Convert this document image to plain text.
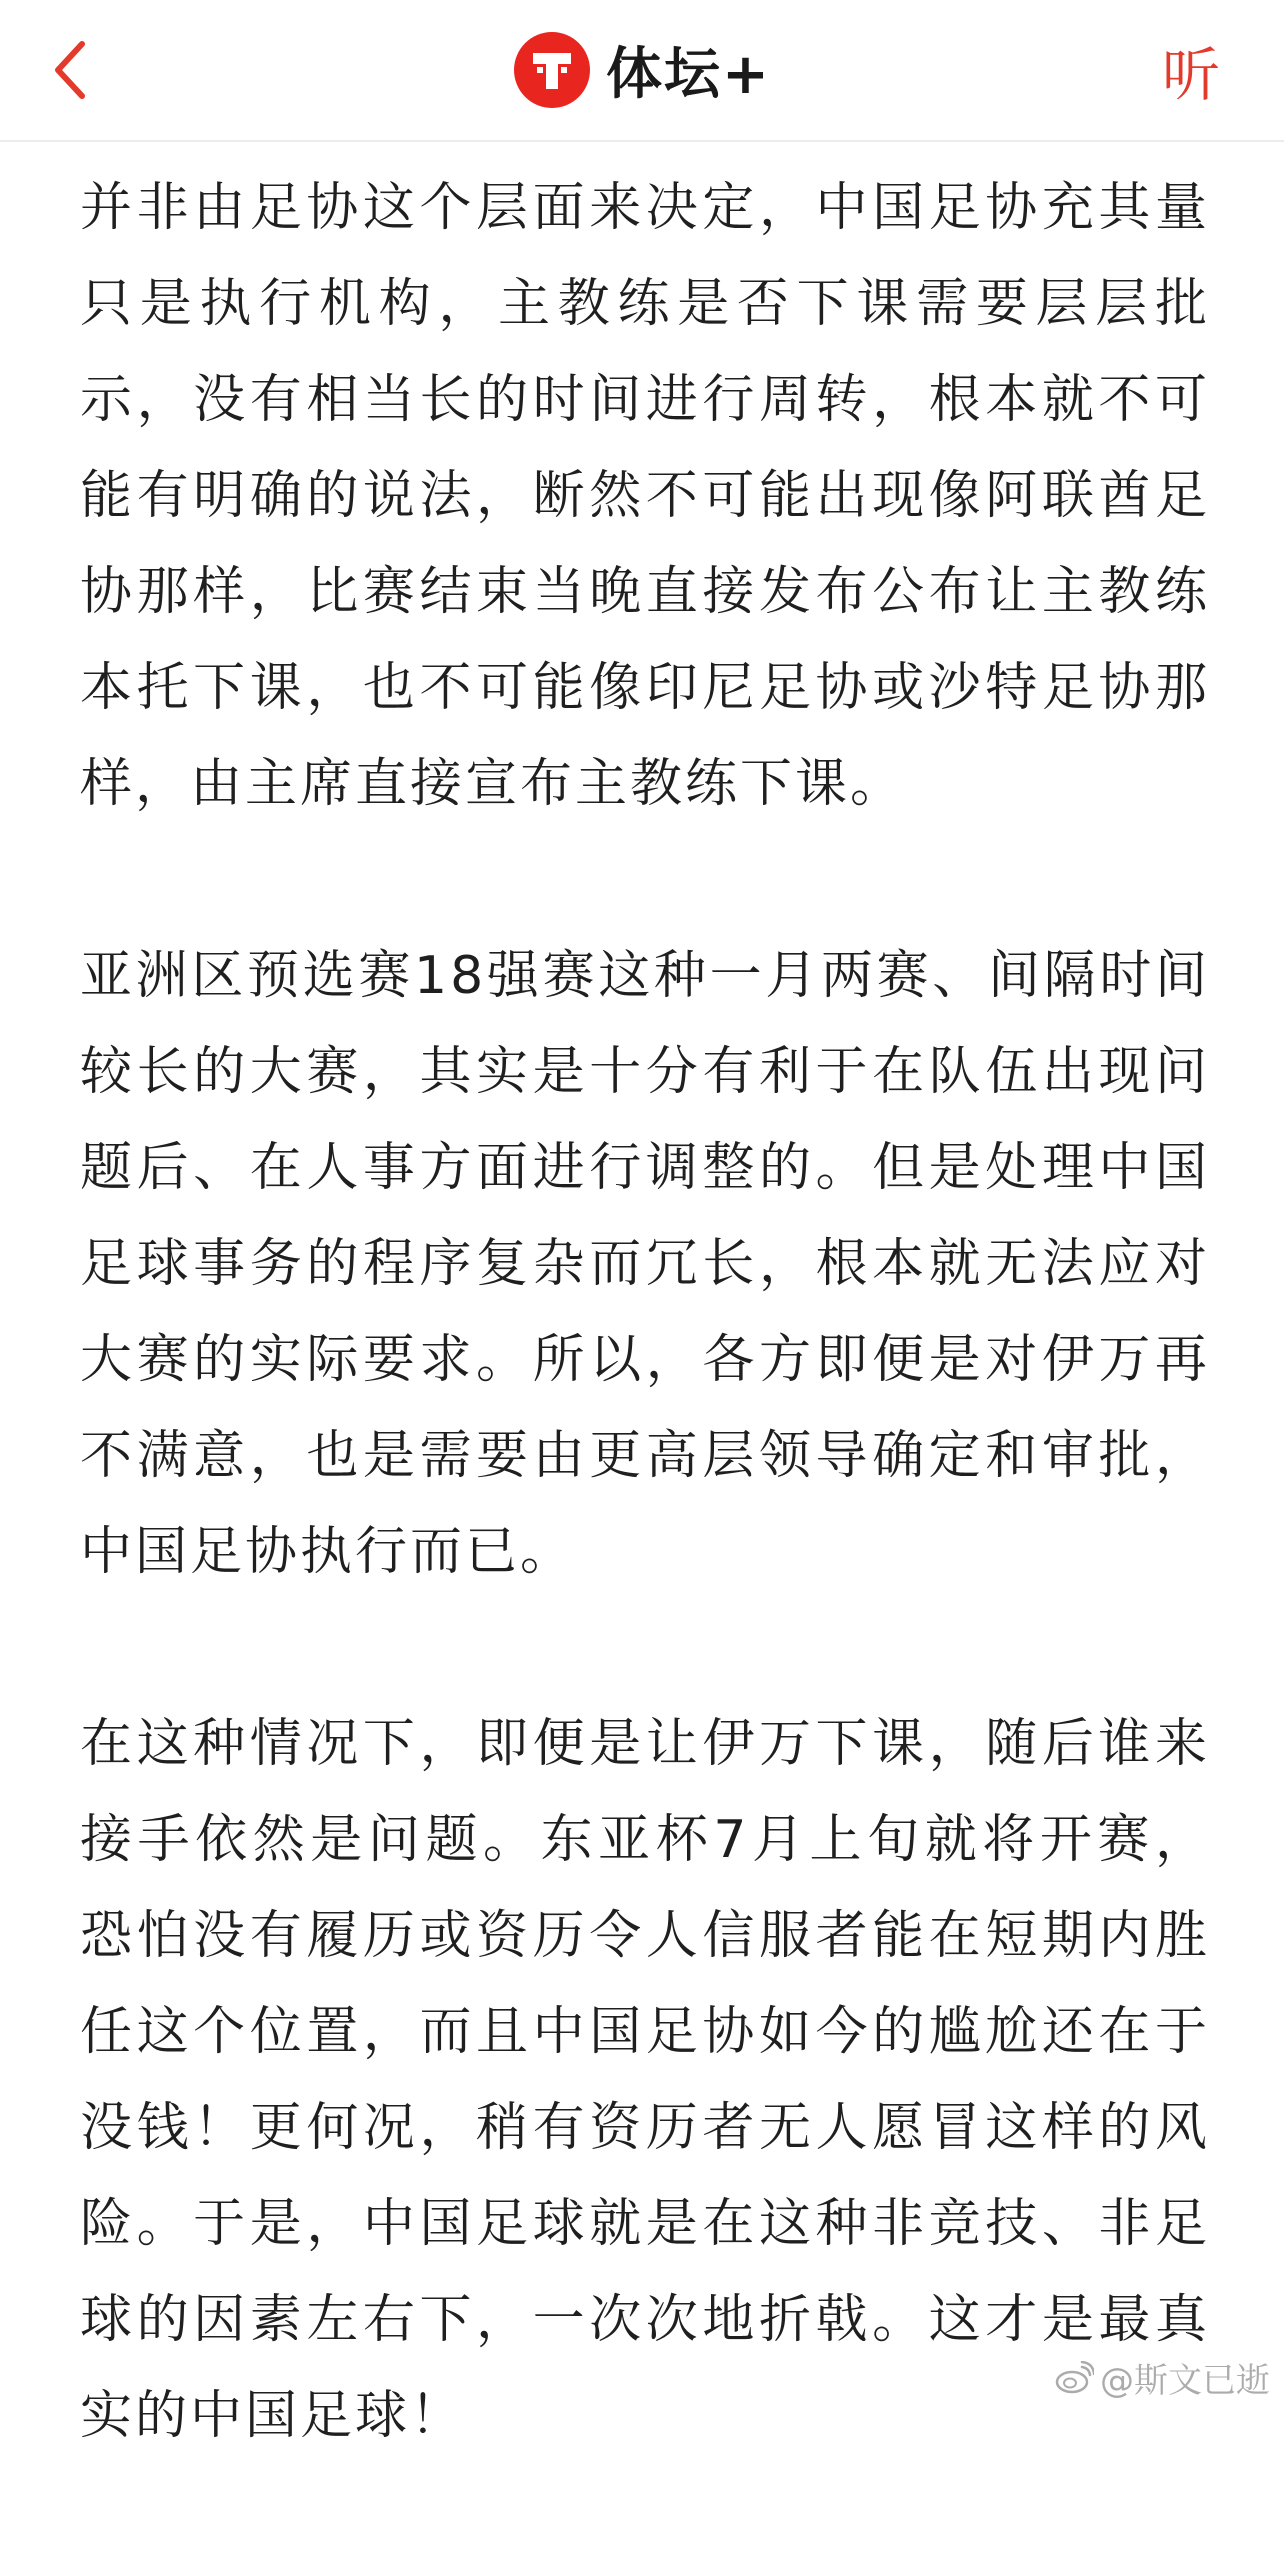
体坛+	听

并非由足协这个层面来决定，中国足协充其量只是执行机构，主教练是否下课需要层层批示，没有相当长的时间进行周转，根本就不可能有明确的说法，断然不可能出现像阿联酋足协那样，比赛结束当晚直接发布公布让主教练本托下课，也不可能像印尼足协或沙特足协那样，由主席直接宣布主教练下课。

亚洲区预选赛18强赛这种一月两赛、间隔时间较长的大赛，其实是十分有利于在队伍出现问题后、在人事方面进行调整的。但是处理中国足球事务的程序复杂而冗长，根本就无法应对大赛的实际要求。所以，各方即便是对伊万再不满意，也是需要由更高层领导确定和审批，中国足协执行而已。

在这种情况下，即便是让伊万下课，随后谁来接手依然是问题。东亚杯7月上旬就将开赛，恐怕没有履历或资历令人信服者能在短期内胜任这个位置，而且中国足协如今的尴尬还在于没钱！更何况，稍有资历者无人愿冒这样的风险。于是，中国足球就是在这种非竞技、非足球的因素左右下，一次次地折戟。这才是最真实的中国足球！

@斯文已逝
